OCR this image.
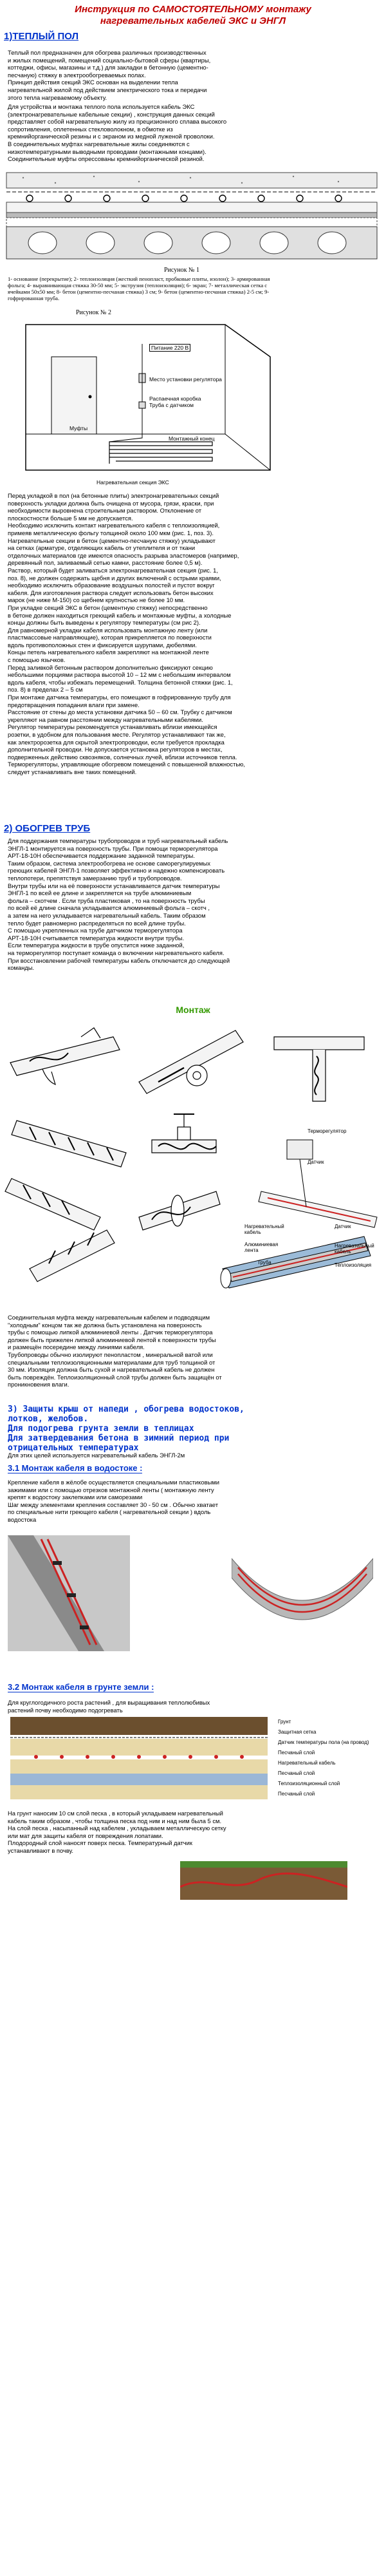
Инструкция по САМОСТОЯТЕЛЬНОМУ монтажу
нагревательных кабелей ЭКС и ЭНГЛ
1)ТЕПЛЫЙ ПОЛ
Теплый пол предназначен для обогрева различных производственных
и жилых помещений, помещений социально-бытовой сферы (квартиры,
коттеджи, офисы, магазины и т.д.) для закладки в бетонную (цементно-
песчаную) стяжку в электрообогреваемых полах.
Принцип действия секций ЭКС основан на выделении тепла
нагревательной жилой под действием электрического тока и передачи
этого тепла нагреваемому объекту.
Для устройства и монтажа теплого пола используется кабель ЭКС
(электронагревательные кабельные секции) , конструкция данных секций
представляет собой нагревательную жилу из прецизионного сплава высокого
сопротивления, оплетенных стекловолокном, в обмотке из
кремнийорганической резины и с экраном из медной луженой проволоки.
В соединительных муфтах нагревательные жилы соединяются с
низкотемпературными выводными проводами (монтажными концами).
Соединительные муфты опрессованы кремнийорганической резиной.
Рисунок № 1
1- основание (перекрытие); 2- теплоизоляция (жесткий пенопласт, пробковые плиты, изолон); 3- армированная
фольга; 4- выравнивающая стяжка 30-50 мм; 5- экструзия (теплоизоляция); 6- экран; 7- металлическая сетка с
ячейками 50х50 мм; 8- бетон (цементно-песчаная стяжка) 3 см; 9- бетон (цементно-песчаная стяжка) 2-5 см; 9-
гофрированная труба.
Рисунок № 2
Питание 220 В
Место установки регулятора
Распаечная коробка
Труба с датчиком
Муфты
Монтажный конец
Нагревательная секция ЭКС
Перед укладкой в пол (на бетонные плиты) электронагревательных секций
поверхность укладки должна быть очищена от мусора, грязи, краски, при
необходимости выровнена строительным раствором. Отклонение от
плоскостности больше 5 мм не допускается.
Необходимо исключить контакт нагревательного кабеля с теплоизоляцией,
примеяв металлическую фольгу толщиной около 100 мкм (рис. 1, поз. 3).
Нагревательные секции в бетон (цементно-песчаную стяжку) укладывают
на сетках (арматуре, отделяющих кабель от утеплителя и от ткани
отделочных материалов где имеются опасность разрыва эластомеров (например,
деревянный пол, заливаемый сетью камни, расстояние более 0,5 м).
Раствор, который будет заливаться электронагревательная секция (рис. 1,
поз. 8), не должен содержать щебня и других включений с острыми краями,
необходимо исключить образование воздушных полостей и пустот вокруг
кабеля. Для изготовления раствора следует использовать бетон высоких
марок (не ниже М-150) со щебнем крупностью не более 10 мм.
При укладке секций ЭКС в бетон (цементную стяжку) непосредственно
в бетоне должен находиться греющий кабель и монтажные муфты, а холодные
концы должны быть выведены к регулятору температуры (см рис 2).
Для равномерной укладки кабеля использовать монтажную ленту (или
пластмассовые направляющие), которая прикрепляется по поверхности
вдоль противоположных стен и фиксируется шурупами, дюбелями.
Концы петель нагревательного кабеля закрепляют на монтажной ленте
с помощью язычков.
Перед заливкой бетонным раствором дополнительно фиксируют секцию
небольшими порциями раствора высотой 10 – 12 мм с небольшим интервалом
вдоль кабеля, чтобы избежать перемещений. Толщина бетонной стяжки (рис. 1,
поз. 8) в пределах 2 – 5 см
При монтаже датчика температуры, его помещают в гофрированную трубу для
предотвращения попадания влаги при замене.
Расстояние от стены до места установки датчика 50 – 60 см. Трубку с датчиком
укрепляют на равном расстоянии между нагревательными кабелями.
Регулятор температуры рекомендуется устанавливать вблизи имеющейся
розетки, в удобном для пользования месте. Регулятор устанавливают так же,
как электророзетка для скрытой электропроводки, если требуется прокладка
дополнительной проводки. Не допускается установка регуляторов в местах,
подверженных действию сквозняков, солнечных лучей, вблизи источников тепла.
Терморегуляторы, управляющие обогревом помещений с повышенной влажностью,
следует устанавливать вне таких помещений.
2) ОБОГРЕВ ТРУБ
Для поддержания температуры трубопроводов и труб нагревательный кабель
ЭНГЛ-1 монтируется на поверхность трубы. При помощи терморегулятора
АРТ-18-10Н обеспечивается поддержание заданной температуры.
Таким образом, система электрообогрева не основе саморегулируемых
греющих кабелей ЭНГЛ-1 позволяет эффективно и надежно компенсировать
теплопотери, препятствуя замерзанию труб и трубопроводов.
Внутри трубы или на её поверхности устанавливается датчик температуры
ЭНГЛ-1 по всей ее длине и закрепляется на трубе алюминиевым
фольга – скотчем . Если труба пластиковая , то на поверхность трубы
по всей её длине сначала укладывается алюминиевый фольга – скотч ,
а затем на него укладывается нагревательный кабель. Таким образом
тепло будет равномерно распределяться по всей длине трубы.
С помощью укрепленных на трубе датчиком терморегулятора
АРТ-18-10Н считывается температура жидкости внутри трубы.
Если температура жидкости в трубе опустится ниже заданной,
на терморегулятор поступает команда о включении нагревательного кабеля.
При восстановлении рабочей температуры кабель отключается до следующей
команды.
Монтаж
Терморегулятор
Датчик
Нагревательный кабель
Алюминиевая лента
Труба
Датчик
Нагревательный кабель
Теплоизоляция
Соединительная муфта между нагревательным кабелем и подводящим
"холодным" концом так же должна быть установлена на поверхность
трубы с помощью липкой алюминиевой ленты . Датчик терморегулятора
должен быть прижелен липкой алюминиевой лентой к поверхности трубы
и размещён посередине между линиями кабеля.
Трубопроводы обычно изолируют пенопластом , минеральной ватой или
специальными теплоизоляционными материалами для труб толщиной от
30 мм. Изоляция должна быть сухой и нагревательный кабель не должен
быть повреждён. Теплоизоляционный слой трубы должен быть защищён от
проникновения влаги.
3) Защиты крыш от напеди , обогрева водостоков,
лотков, желобов.
Для подогрева грунта земли в теплицах
Для затвердевания бетона в зимний период при
отрицательных температурах
Для этих целей используется нагревательный кабель ЭНГЛ-2м
3.1 Монтаж кабеля в водостоке :
Крепление кабеля в жёлобе осуществляется специальными пластиковыми
зажимами или с помощью отрезков монтажной ленты ( монтажную ленту
крепят к водостоку заклепками или саморезами
Шаг между элементами крепления составляет 30 - 50 см . Обычно хватает
по специальные нити греющего кабеля ( нагревательной секции ) вдоль
водостока
3.2 Монтаж кабеля в грунте земли :
Для круглогодичного роста растений , для выращивания теплолюбивых
растений почву необходимо подогревать
Грунт
Защитная сетка
Датчик температуры пола (на провод)
Песчаный слой
Нагревательный кабель
Песчаный слой
Теплоизоляционный слой
Песчаный слой
На грунт наносим 10 см слой песка , в который укладываем нагревательный
кабель таким образом , чтобы толщина песка под ним и над ним была 5 см.
На слой песка , насыпанный над кабелем , укладываем металлическую сетку
или мат для защиты кабеля от повреждения лопатами.
Плодородный слой наносят поверх песка. Температурный датчик
устанавливают в почву.
